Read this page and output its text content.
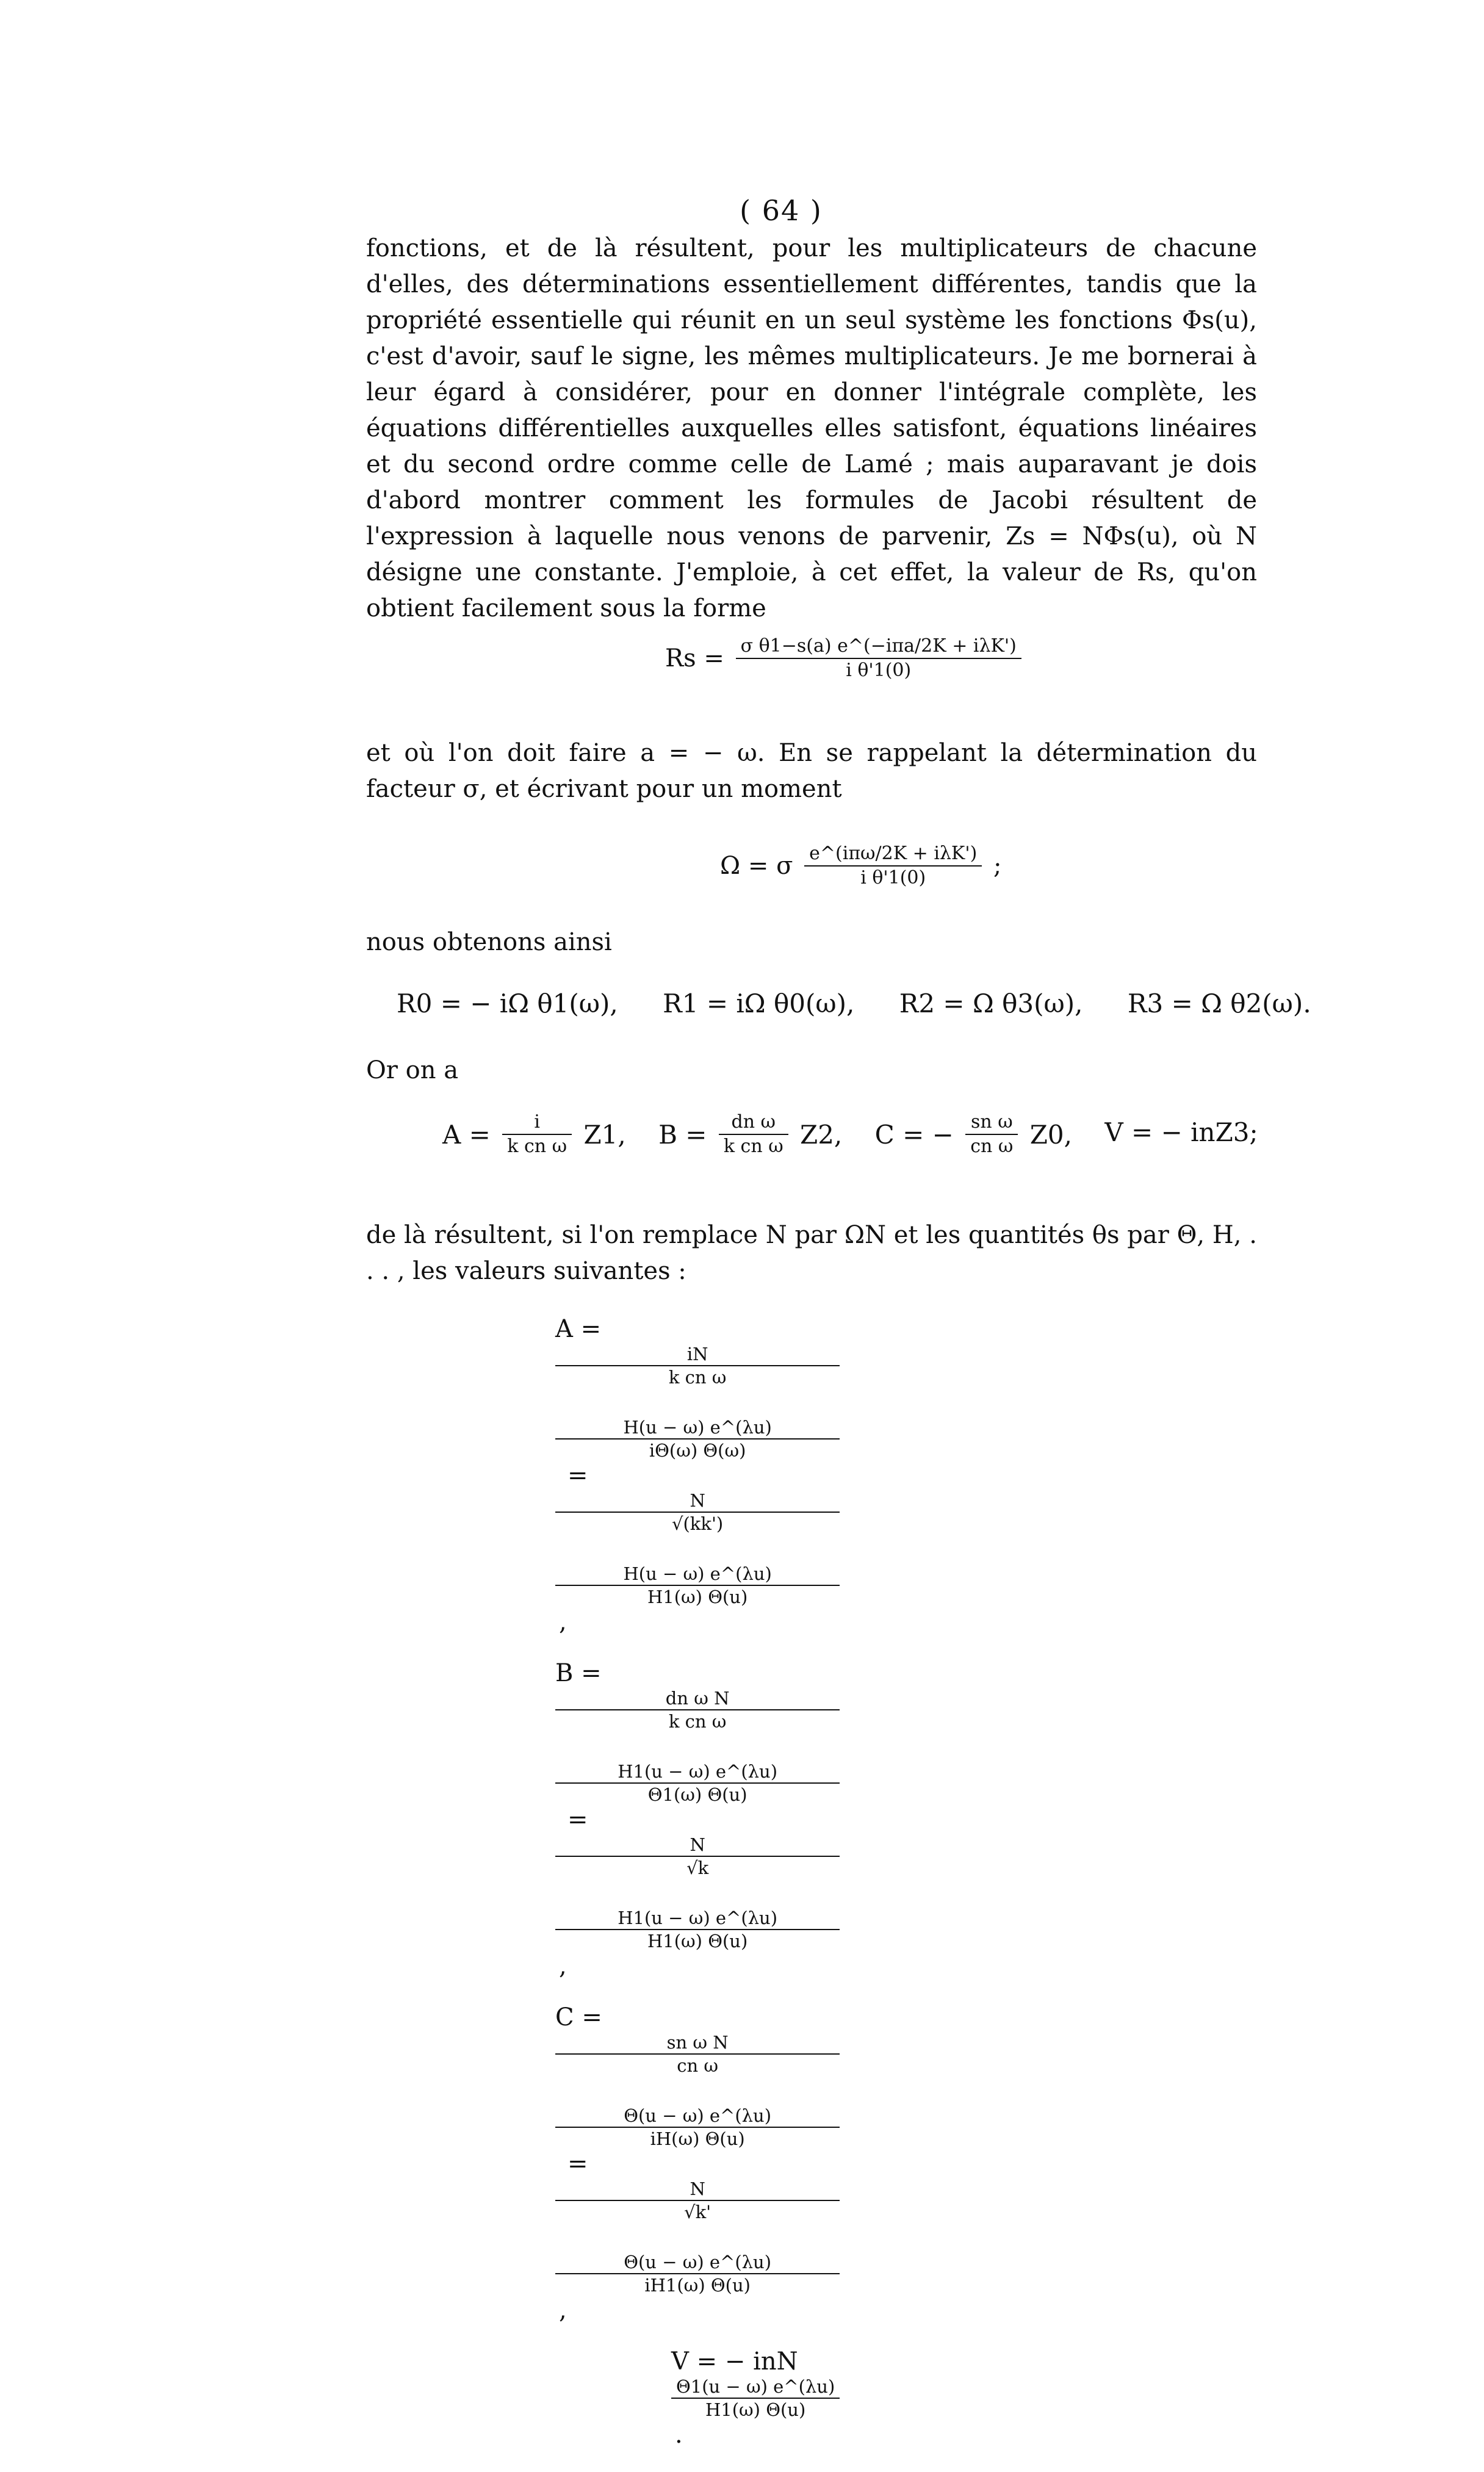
( 64 )

fonctions, et de là résultent, pour les multiplicateurs de chacune d'elles, des déterminations essentiellement différentes, tandis que la propriété essentielle qui réunit en un seul système les fonctions Φs(u), c'est d'avoir, sauf le signe, les mêmes multiplicateurs. Je me bornerai à leur égard à considérer, pour en donner l'intégrale complète, les équations différentielles auxquelles elles satisfont, équations linéaires et du second ordre comme celle de Lamé ; mais auparavant je dois d'abord montrer comment les formules de Jacobi résultent de l'expression à laquelle nous venons de parvenir, Zs = NΦs(u), où N désigne une constante. J'emploie, à cet effet, la valeur de Rs, qu'on obtient facilement sous la forme

$Rs = \frac{\text{σ θ1−s(a) e\textasciicircum{}(−iπa/2K + iλK')}}{\text{i θ'1(0)}}$

et où l'on doit faire a = − ω. En se rappelant la détermination du facteur σ, et écrivant pour un moment

Ω = σ $\frac{\text{e\textasciicircum{}(iπω/2K + iλK')}}{\text{i θ'1(0)}}$ ;

nous obtenons ainsi

R0 = − iΩ θ1(ω), R1 = iΩ θ0(ω), R2 = Ω θ3(ω), R3 = Ω θ2(ω).

Or on a

$A = \frac{i}{\text{k cn ω}} Z1$, $B = \frac{\text{dn ω}}{\text{k cn ω}} Z2$, C = − $\frac{\text{sn ω}}{\text{cn ω}} Z0$, V = − inZ3;

de là résultent, si l'on remplace N par ΩN et les quantités θs par Θ, H, . . . , les valeurs suivantes :

A =
iN
k cn ω
H(u − ω) e^(λu)
iΘ(ω) Θ(ω)
=
N
√(kk')
H(u − ω) e^(λu)
H1(ω) Θ(u)
,
B =
dn ω N
k cn ω
H1(u − ω) e^(λu)
Θ1(ω) Θ(u)
=
N
√k
H1(u − ω) e^(λu)
H1(ω) Θ(u)
,
C =
sn ω N
cn ω
Θ(u − ω) e^(λu)
iH(ω) Θ(u)
=
N
√k'
Θ(u − ω) e^(λu)
iH1(ω) Θ(u)
,
V = − inN
Θ1(u − ω) e^(λu)
H1(ω) Θ(u)
.
